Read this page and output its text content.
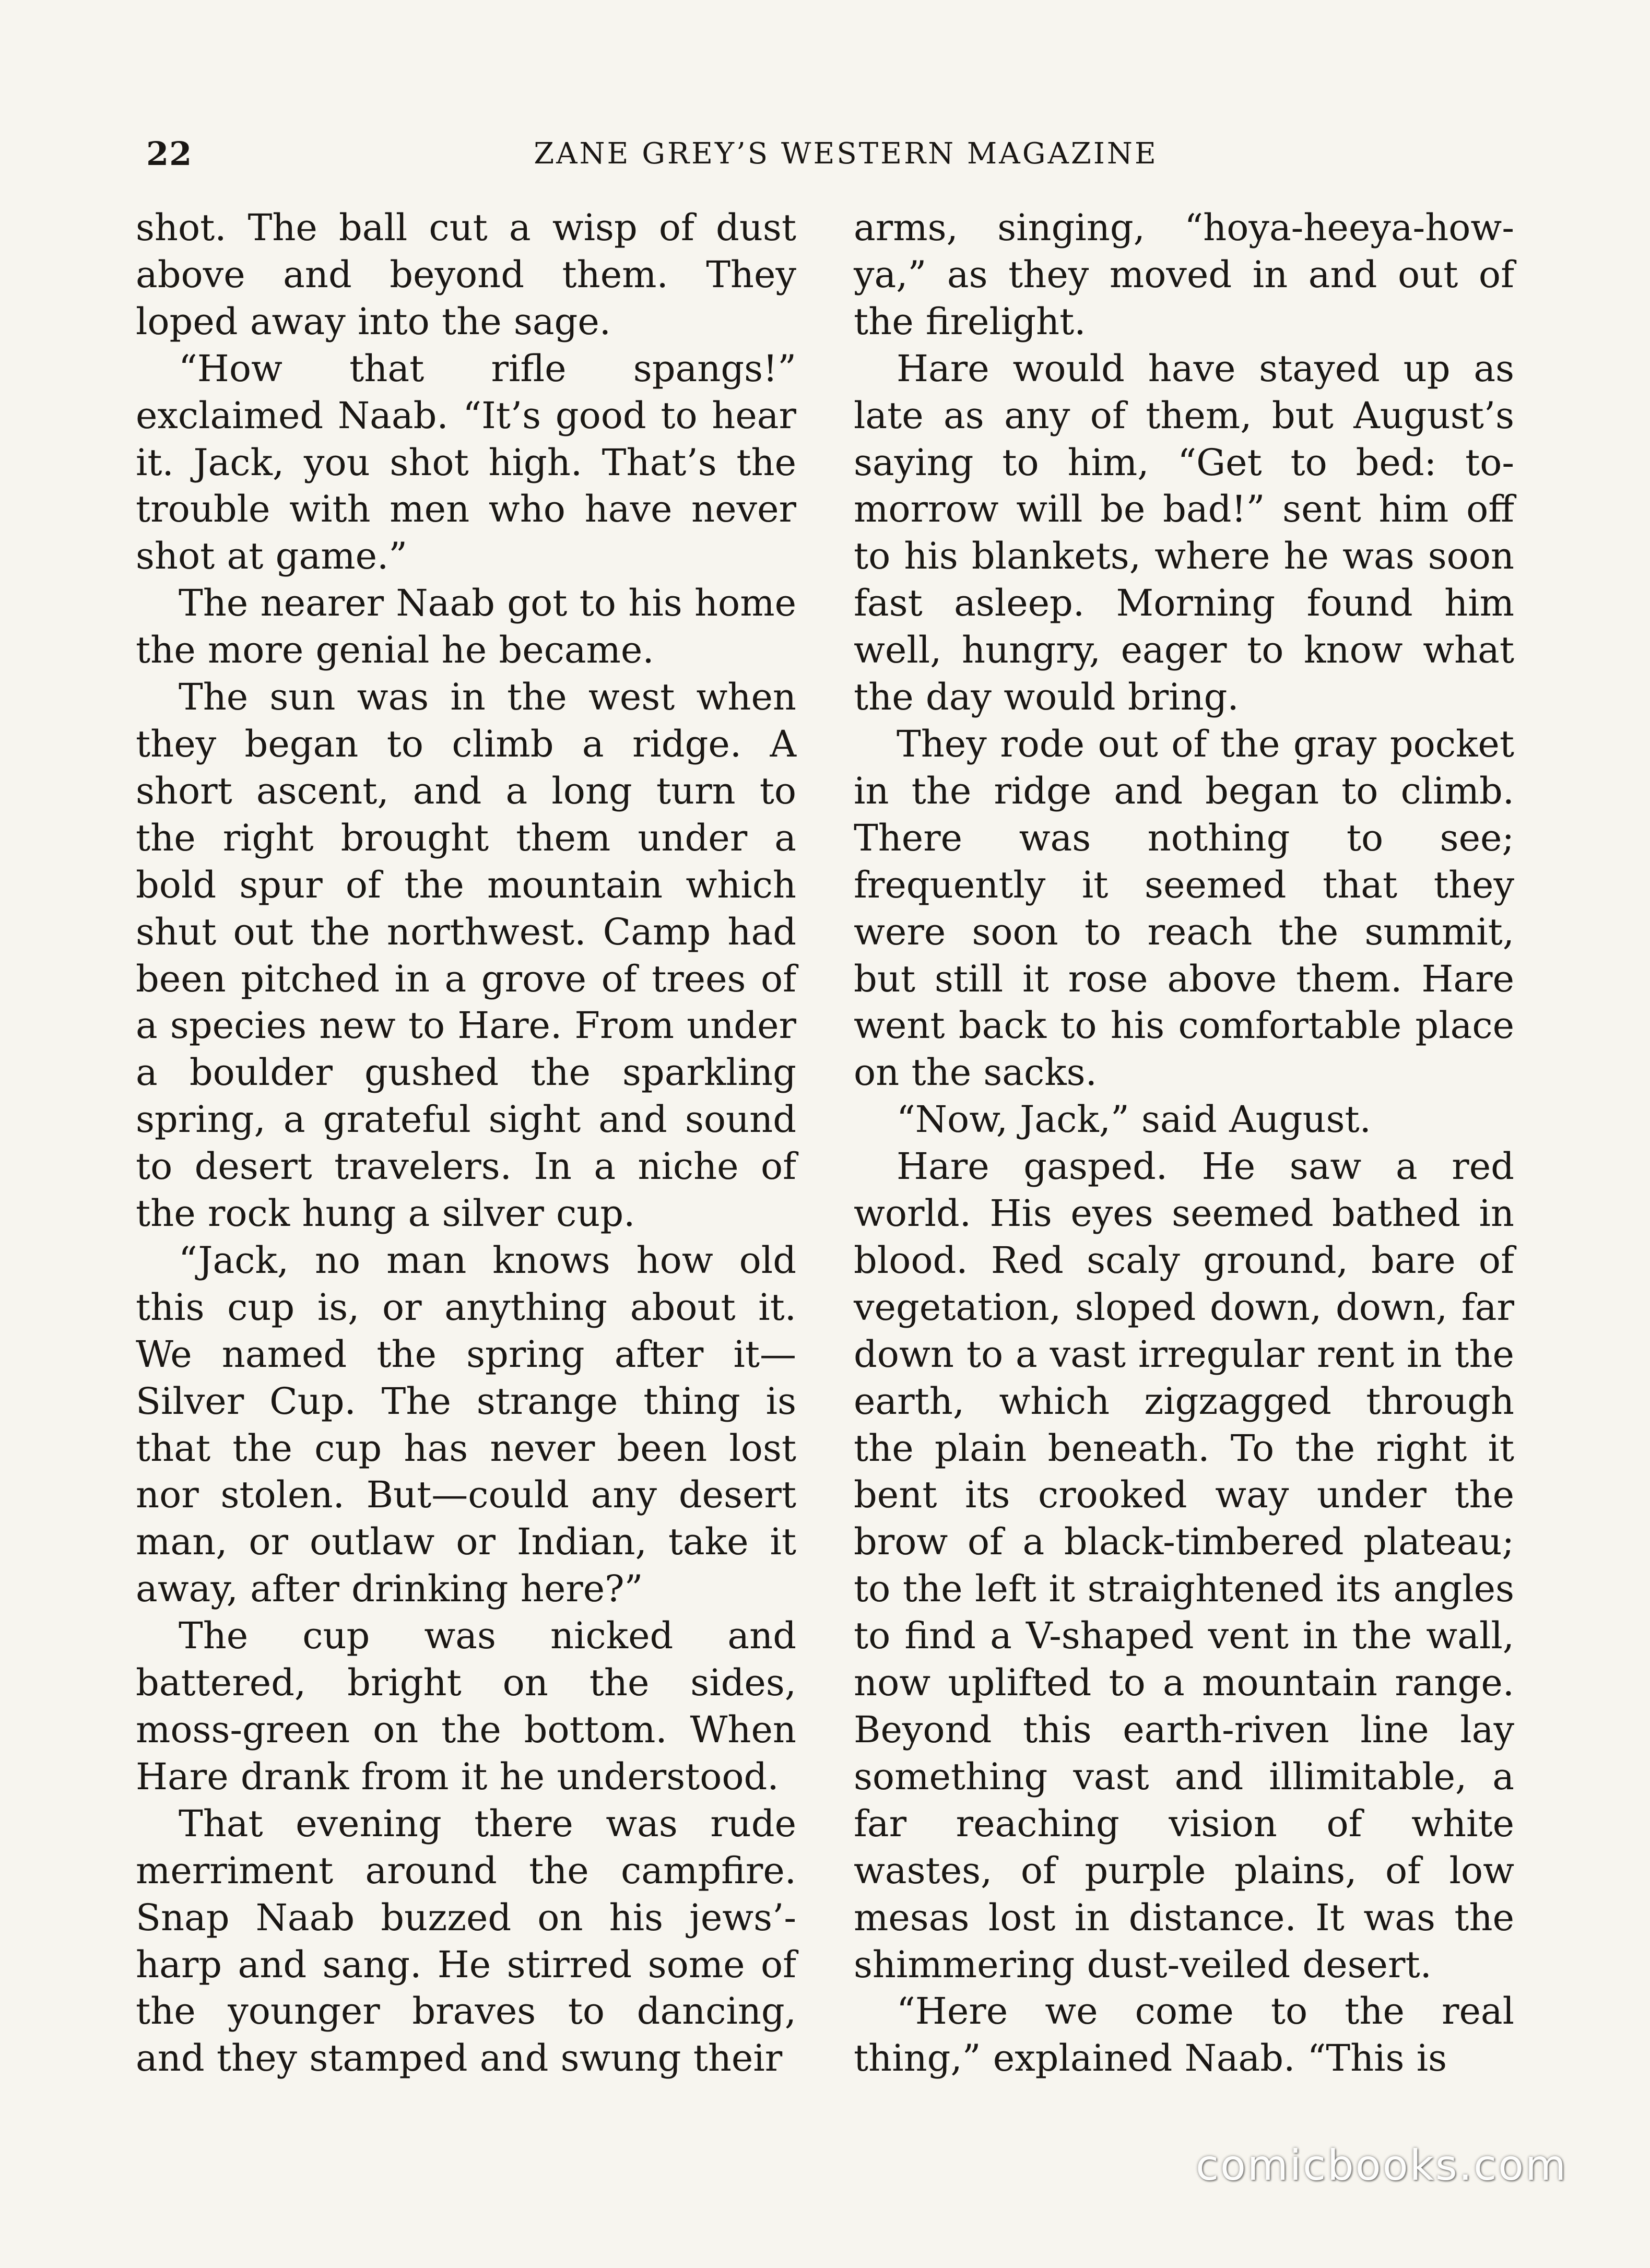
22	ZANE GREY’S WESTERN MAGAZINE

shot. The ball cut a wisp of dust above and beyond them. They loped away into the sage.

“How that rifle spangs!” exclaimed Naab. “It’s good to hear it. Jack, you shot high. That’s the trouble with men who have never shot at game.”

The nearer Naab got to his home the more genial he became.

The sun was in the west when they began to climb a ridge. A short ascent, and a long turn to the right brought them under a bold spur of the mountain which shut out the northwest. Camp had been pitched in a grove of trees of a species new to Hare. From under a boulder gushed the sparkling spring, a grateful sight and sound to desert travelers. In a niche of the rock hung a silver cup.

“Jack, no man knows how old this cup is, or anything about it. We named the spring after it—Silver Cup. The strange thing is that the cup has never been lost nor stolen. But—could any desert man, or outlaw or Indian, take it away, after drinking here?”

The cup was nicked and battered, bright on the sides, moss-green on the bottom. When Hare drank from it he understood.

That evening there was rude merriment around the campfire. Snap Naab buzzed on his jews’-harp and sang. He stirred some of the younger braves to dancing, and they stamped and swung their

arms, singing, “hoya-heeya-how-ya,” as they moved in and out of the firelight.

Hare would have stayed up as late as any of them, but August’s saying to him, “Get to bed: to-morrow will be bad!” sent him off to his blankets, where he was soon fast asleep. Morning found him well, hungry, eager to know what the day would bring.

They rode out of the gray pocket in the ridge and began to climb. There was nothing to see; frequently it seemed that they were soon to reach the summit, but still it rose above them. Hare went back to his comfortable place on the sacks.

“Now, Jack,” said August.

Hare gasped. He saw a red world. His eyes seemed bathed in blood. Red scaly ground, bare of vegetation, sloped down, down, far down to a vast irregular rent in the earth, which zigzagged through the plain beneath. To the right it bent its crooked way under the brow of a black-timbered plateau; to the left it straightened its angles to find a V-shaped vent in the wall, now uplifted to a mountain range. Beyond this earth-riven line lay something vast and illimitable, a far reaching vision of white wastes, of purple plains, of low mesas lost in distance. It was the shimmering dust-veiled desert.

“Here we come to the real thing,” explained Naab. “This is

comicbooks.com
